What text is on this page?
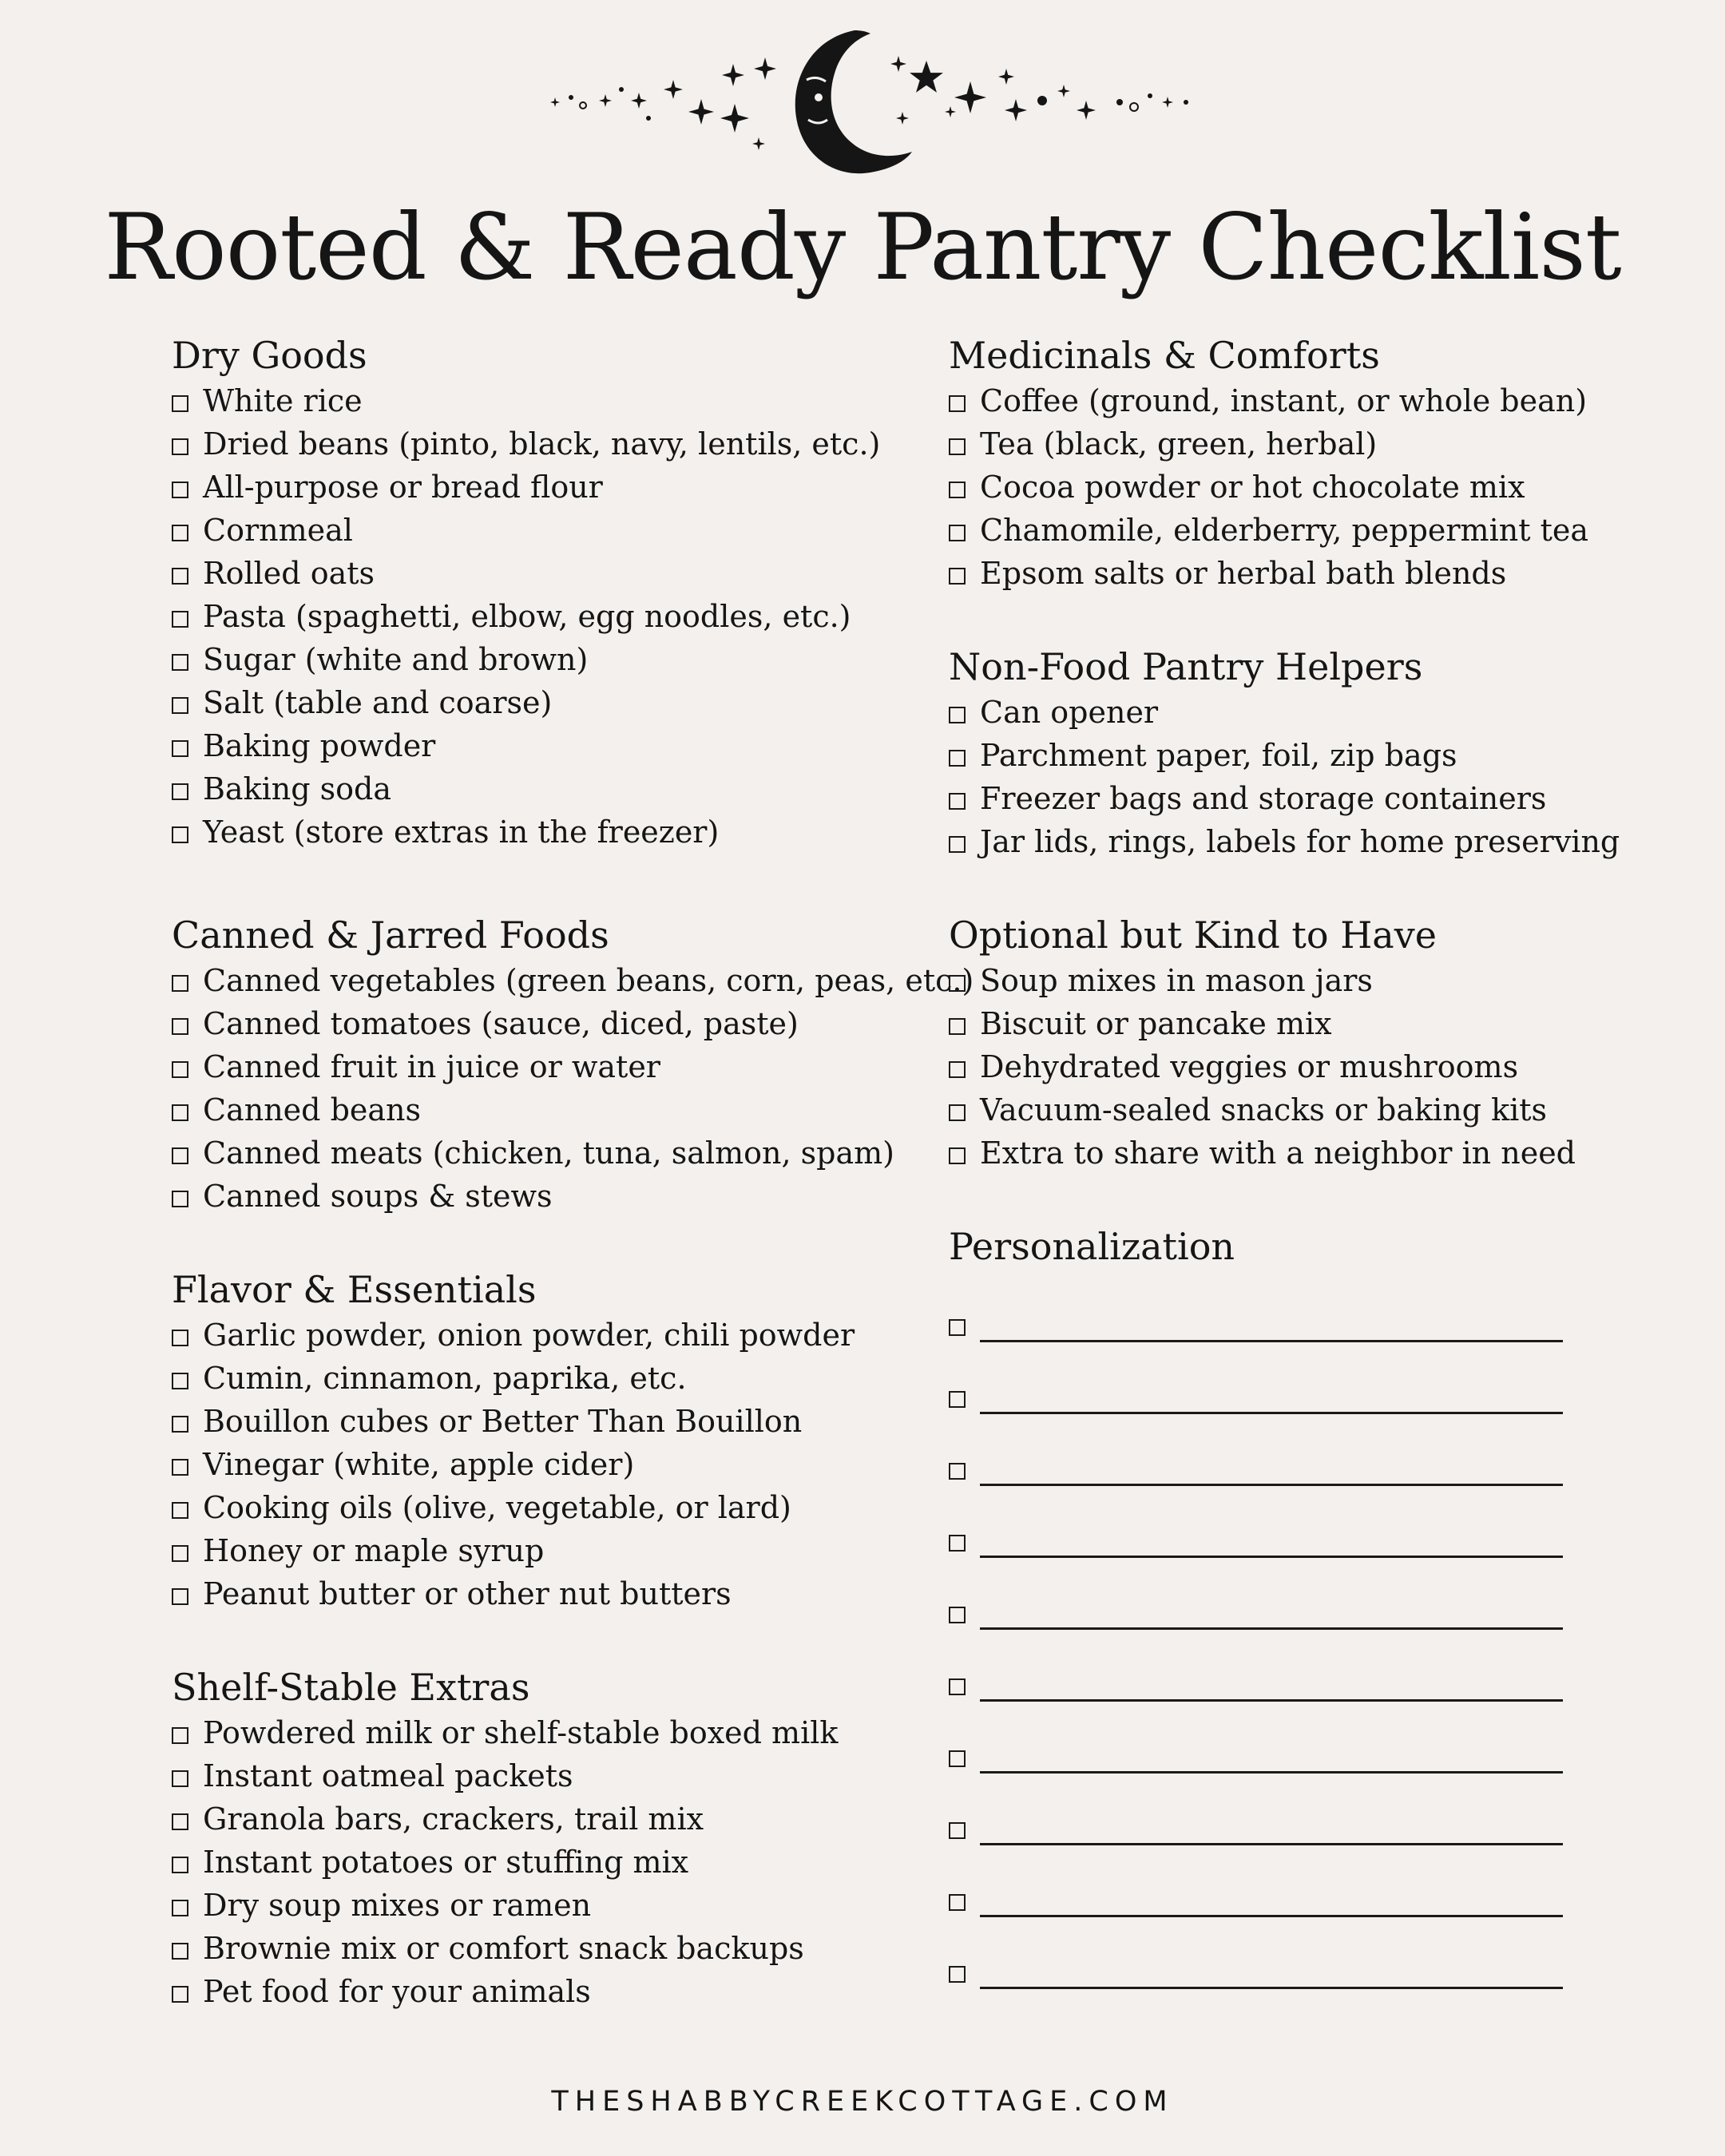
Rooted & Ready Pantry Checklist
Dry Goods
White rice
Dried beans (pinto, black, navy, lentils, etc.)
All-purpose or bread flour
Cornmeal
Rolled oats
Pasta (spaghetti, elbow, egg noodles, etc.)
Sugar (white and brown)
Salt (table and coarse)
Baking powder
Baking soda
Yeast (store extras in the freezer)
Canned & Jarred Foods
Canned vegetables (green beans, corn, peas, etc.)
Canned tomatoes (sauce, diced, paste)
Canned fruit in juice or water
Canned beans
Canned meats (chicken, tuna, salmon, spam)
Canned soups & stews
Flavor & Essentials
Garlic powder, onion powder, chili powder
Cumin, cinnamon, paprika, etc.
Bouillon cubes or Better Than Bouillon
Vinegar (white, apple cider)
Cooking oils (olive, vegetable, or lard)
Honey or maple syrup
Peanut butter or other nut butters
Shelf-Stable Extras
Powdered milk or shelf-stable boxed milk
Instant oatmeal packets
Granola bars, crackers, trail mix
Instant potatoes or stuffing mix
Dry soup mixes or ramen
Brownie mix or comfort snack backups
Pet food for your animals
Medicinals & Comforts
Coffee (ground, instant, or whole bean)
Tea (black, green, herbal)
Cocoa powder or hot chocolate mix
Chamomile, elderberry, peppermint tea
Epsom salts or herbal bath blends
Non-Food Pantry Helpers
Can opener
Parchment paper, foil, zip bags
Freezer bags and storage containers
Jar lids, rings, labels for home preserving
Optional but Kind to Have
Soup mixes in mason jars
Biscuit or pancake mix
Dehydrated veggies or mushrooms
Vacuum-sealed snacks or baking kits
Extra to share with a neighbor in need
Personalization
THESHABBYCREEKCOTTAGE.COM
